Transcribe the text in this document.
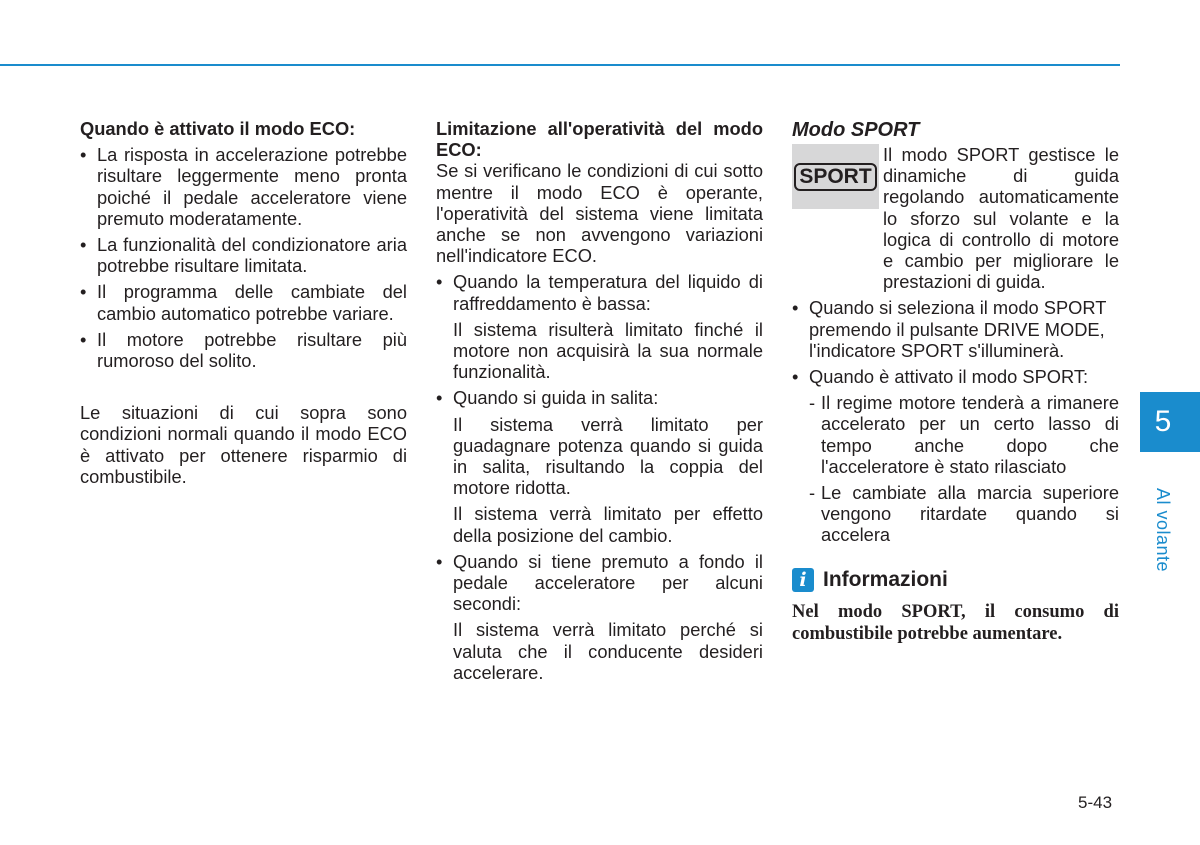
Quando è attivato il modo ECO:

• La risposta in accelerazione potrebbe risultare leggermente meno pronta poiché il pedale acceleratore viene premuto moderatamente.
• La funzionalità del condizionatore aria potrebbe risultare limitata.
• Il programma delle cambiate del cambio automatico potrebbe variare.
• Il motore potrebbe risultare più rumoroso del solito.

Le situazioni di cui sopra sono condizioni normali quando il modo ECO è attivato per ottenere risparmio di combustibile.

Limitazione all'operatività del modo ECO:

Se si verificano le condizioni di cui sotto mentre il modo ECO è operante, l'operatività del sistema viene limitata anche se non avvengono variazioni nell'indicatore ECO.

• Quando la temperatura del liquido di raffreddamento è bassa:

Il sistema risulterà limitato finché il motore non acquisirà la sua normale funzionalità.

• Quando si guida in salita:

Il sistema verrà limitato per guadagnare potenza quando si guida in salita, risultando la coppia del motore ridotta.

Il sistema verrà limitato per effetto della posizione del cambio.

• Quando si tiene premuto a fondo il pedale acceleratore per alcuni secondi:

Il sistema verrà limitato perché si valuta che il conducente desideri accelerare.

Modo SPORT
SPORT

Il modo SPORT gestisce le dinamiche di guida regolando automaticamente lo sforzo sul volante e la logica di controllo di motore e cambio per migliorare le prestazioni di guida.

• Quando si seleziona il modo SPORT premendo il pulsante DRIVE MODE, l'indicatore SPORT s'illuminerà.
• Quando è attivato il modo SPORT:
- Il regime motore tenderà a rimanere accelerato per un certo lasso di tempo anche dopo che l'acceleratore è stato rilasciato
- Le cambiate alla marcia superiore vengono ritardate quando si accelera
i Informazioni

Nel modo SPORT, il consumo di combustibile potrebbe aumentare.

5
Al volante
5-43
